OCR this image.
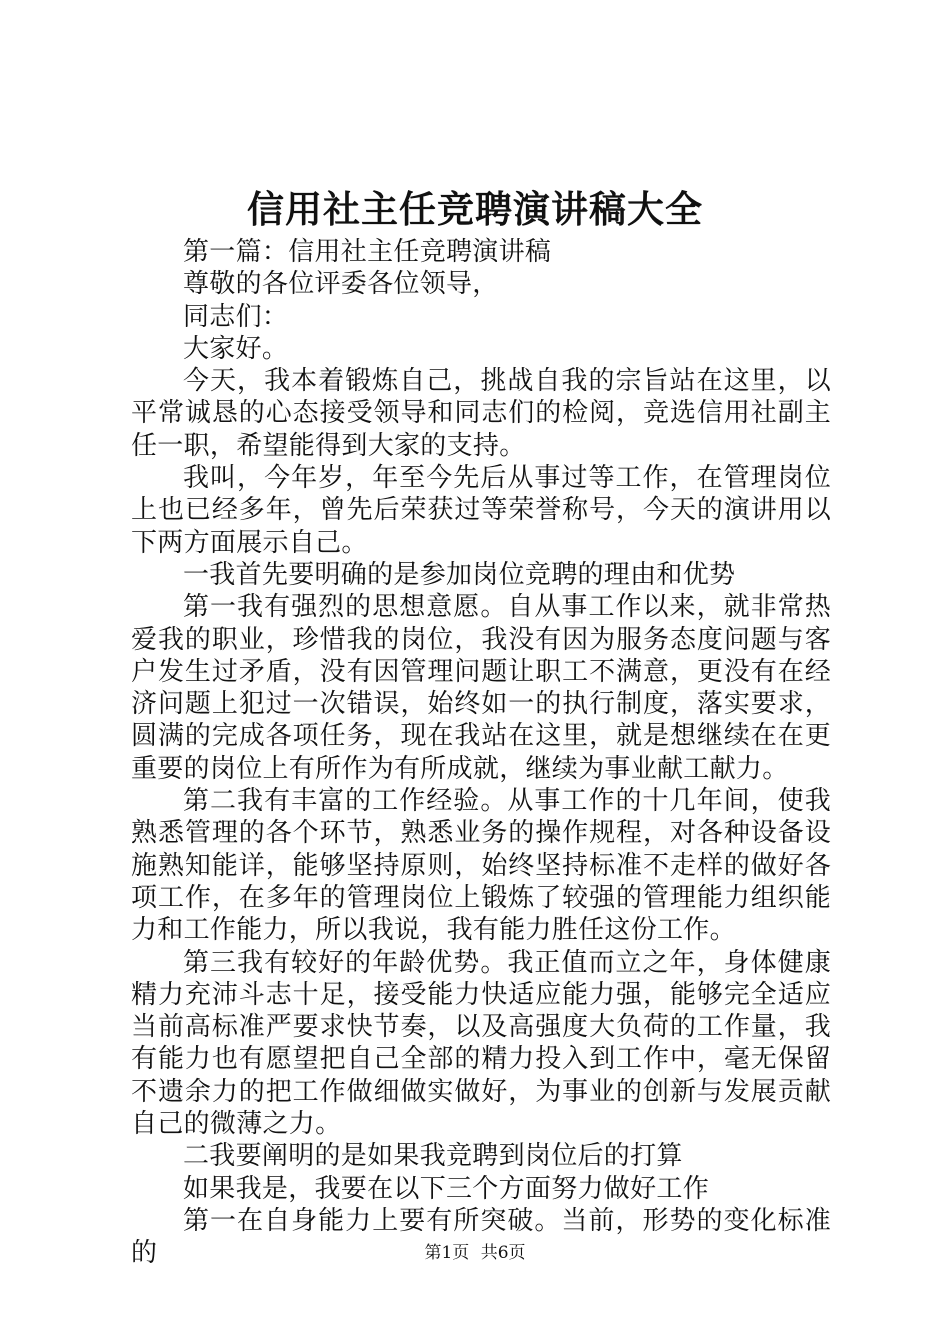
信用社主任竞聘演讲稿大全

第一篇：信用社主任竞聘演讲稿

尊敬的各位评委各位领导，

同志们：

大家好。

今天，我本着锻炼自己，挑战自我的宗旨站在这里，以平常诚恳的心态接受领导和同志们的检阅，竞选信用社副主任一职，希望能得到大家的支持。

我叫，今年岁，年至今先后从事过等工作，在管理岗位上也已经多年，曾先后荣获过等荣誉称号，今天的演讲用以下两方面展示自己。

一我首先要明确的是参加岗位竞聘的理由和优势

第一我有强烈的思想意愿。自从事工作以来，就非常热爱我的职业，珍惜我的岗位，我没有因为服务态度问题与客户发生过矛盾，没有因管理问题让职工不满意，更没有在经济问题上犯过一次错误，始终如一的执行制度，落实要求，圆满的完成各项任务，现在我站在这里，就是想继续在在更重要的岗位上有所作为有所成就，继续为事业献工献力。

第二我有丰富的工作经验。从事工作的十几年间，使我熟悉管理的各个环节，熟悉业务的操作规程，对各种设备设施熟知能详，能够坚持原则，始终坚持标准不走样的做好各项工作，在多年的管理岗位上锻炼了较强的管理能力组织能力和工作能力，所以我说，我有能力胜任这份工作。

第三我有较好的年龄优势。我正值而立之年，身体健康精力充沛斗志十足，接受能力快适应能力强，能够完全适应当前高标准严要求快节奏，以及高强度大负荷的工作量，我有能力也有愿望把自己全部的精力投入到工作中，毫无保留不遗余力的把工作做细做实做好，为事业的创新与发展贡献自己的微薄之力。

二我要阐明的是如果我竞聘到岗位后的打算

如果我是，我要在以下三个方面努力做好工作

第一在自身能力上要有所突破。当前，形势的变化标准的	第1页 共6页
